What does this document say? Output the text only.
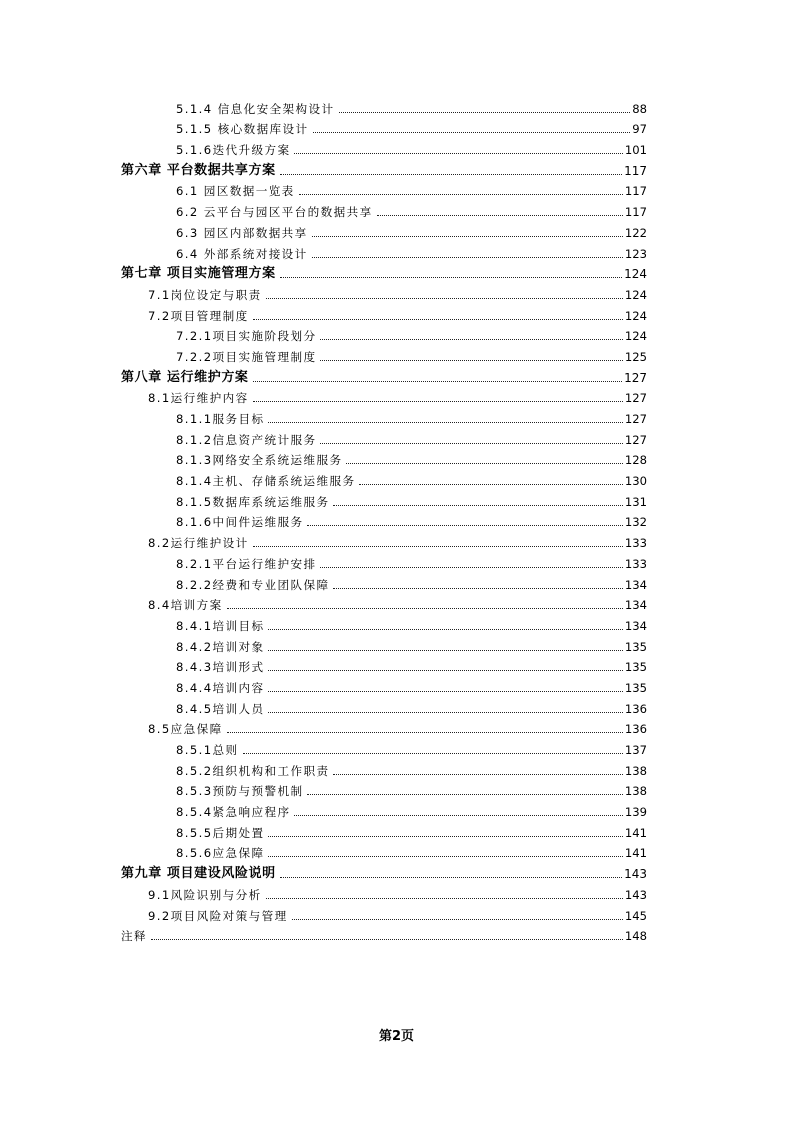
5.1.4 信息化安全架构设计	88
5.1.5 核心数据库设计	97
5.1.6迭代升级方案	101
第六章 平台数据共享方案	117
6.1 园区数据一览表	117
6.2 云平台与园区平台的数据共享	117
6.3 园区内部数据共享	122
6.4 外部系统对接设计	123
第七章 项目实施管理方案	124
7.1岗位设定与职责	124
7.2项目管理制度	124
7.2.1项目实施阶段划分	124
7.2.2项目实施管理制度	125
第八章 运行维护方案	127
8.1运行维护内容	127
8.1.1服务目标	127
8.1.2信息资产统计服务	127
8.1.3网络安全系统运维服务	128
8.1.4主机、存储系统运维服务	130
8.1.5数据库系统运维服务	131
8.1.6中间件运维服务	132
8.2运行维护设计	133
8.2.1平台运行维护安排	133
8.2.2经费和专业团队保障	134
8.4培训方案	134
8.4.1培训目标	134
8.4.2培训对象	135
8.4.3培训形式	135
8.4.4培训内容	135
8.4.5培训人员	136
8.5应急保障	136
8.5.1总则	137
8.5.2组织机构和工作职责	138
8.5.3预防与预警机制	138
8.5.4紧急响应程序	139
8.5.5后期处置	141
8.5.6应急保障	141
第九章 项目建设风险说明	143
9.1风险识别与分析	143
9.2项目风险对策与管理	145
注释	148
第2页
